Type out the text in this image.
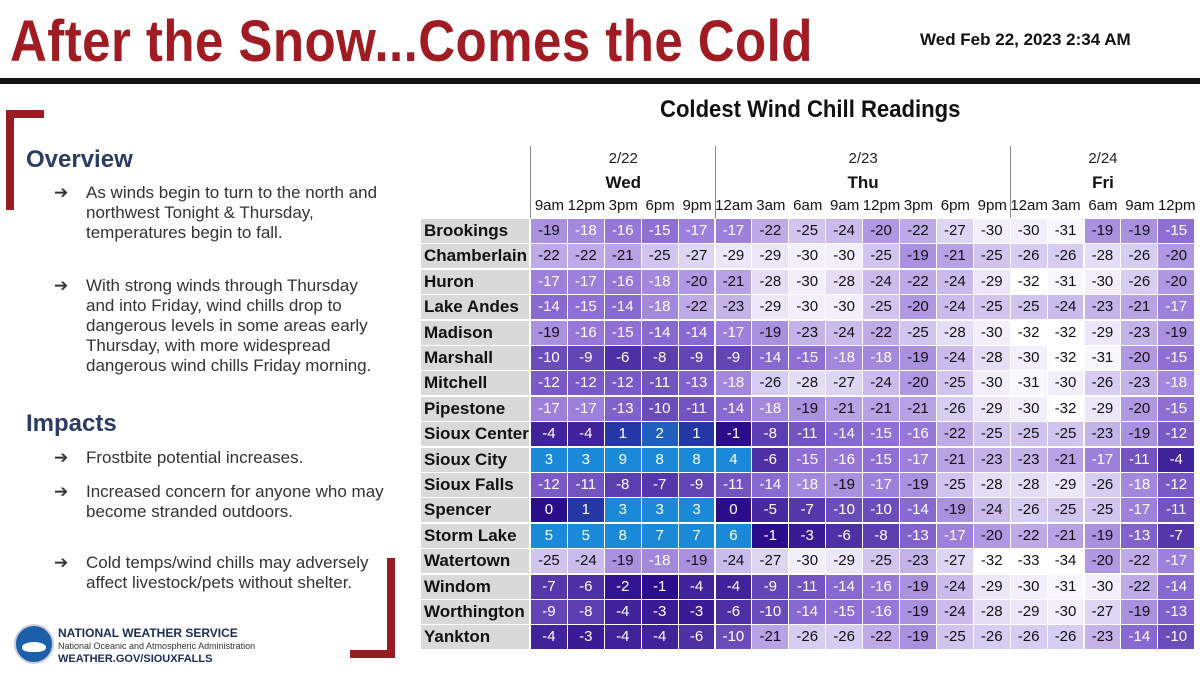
After the Snow...Comes the Cold	Wed Feb 22, 2023 2:34 AM
Overview
➔	As winds begin to turn to the north and northwest Tonight & Thursday, temperatures begin to fall.
➔	With strong winds through Thursday and into Friday, wind chills drop to dangerous levels in some areas early Thursday, with more widespread dangerous wind chills Friday morning.
Impacts
➔	Frostbite potential increases.
➔	Increased concern for anyone who may become stranded outdoors.
➔	Cold temps/wind chills may adversely affect livestock/pets without shelter.
NATIONAL WEATHER SERVICE
National Oceanic and Atmospheric Administration
WEATHER.GOV/SIOUXFALLS
Coldest Wind Chill Readings
2/22
Wed
9am 12pm 3pm 6pm 9pm
2/23
Thu
12am 3am 6am 9am 12pm 3pm 6pm 9pm
2/24
Fri
12am 3am 6am 9am 12pm
Brookings	-19	-18	-16	-15	-17	-17	-22	-25	-24	-20	-22	-27	-30	-30	-31	-19	-19	-15
Chamberlain -22	-22	-21	-25	-27	-29	-29	-30	-30	-25	-19	-21	-25	-26	-26	-28	-26	-20
Huron	-17	-17	-16	-18	-20	-21	-28	-30	-28	-24	-22	-24	-29	-32	-31	-30	-26	-20
Lake Andes	-14	-15	-14	-18	-22	-23	-29	-30	-30	-25	-20	-24	-25	-25	-24	-23	-21	-17
Madison	-19	-16	-15	-14	-14	-17	-19	-23	-24	-22	-25	-28	-30	-32	-32	-29	-23	-19
Marshall	-10	-9	-6	-8	-9	-9	-14	-15	-18	-18	-19	-24	-28	-30	-32	-31	-20	-15
Mitchell	-12	-12	-12	-11	-13	-18	-26	-28	-27	-24	-20	-25	-30	-31	-30	-26	-23	-18
Pipestone	-17	-17	-13	-10	-11	-14	-18	-19	-21	-21	-21	-26	-29	-30	-32	-29	-20	-15
Sioux Center -4	-4	1	2	1	-1	-8	-11	-14	-15	-16	-22	-25	-25	-25	-23	-19	-12
Sioux City	3	3	9	8	8	4	-6	-15	-16	-15	-17	-21	-23	-23	-21	-17	-11	-4
Sioux Falls	-12	-11	-8	-7	-9	-11	-14	-18	-19	-17	-19	-25	-28	-28	-29	-26	-18	-12
Spencer	0	1	3	3	3	0	-5	-7	-10	-10	-14	-19	-24	-26	-25	-25	-17	-11
Storm Lake	5	5	8	7	7	6	-1	-3	-6	-8	-13	-17	-20	-22	-21	-19	-13	-7
Watertown	-25	-24	-19	-18	-19	-24	-27	-30	-29	-25	-23	-27	-32	-33	-34	-20	-22	-17
Windom	-7	-6	-2	-1	-4	-4	-9	-11	-14	-16	-19	-24	-29	-30	-31	-30	-22	-14
Worthington	-9	-8	-4	-3	-3	-6	-10	-14	-15	-16	-19	-24	-28	-29	-30	-27	-19	-13
Yankton	-4	-3	-4	-4	-6	-10	-21	-26	-26	-22	-19	-25	-26	-26	-26	-23	-14	-10
